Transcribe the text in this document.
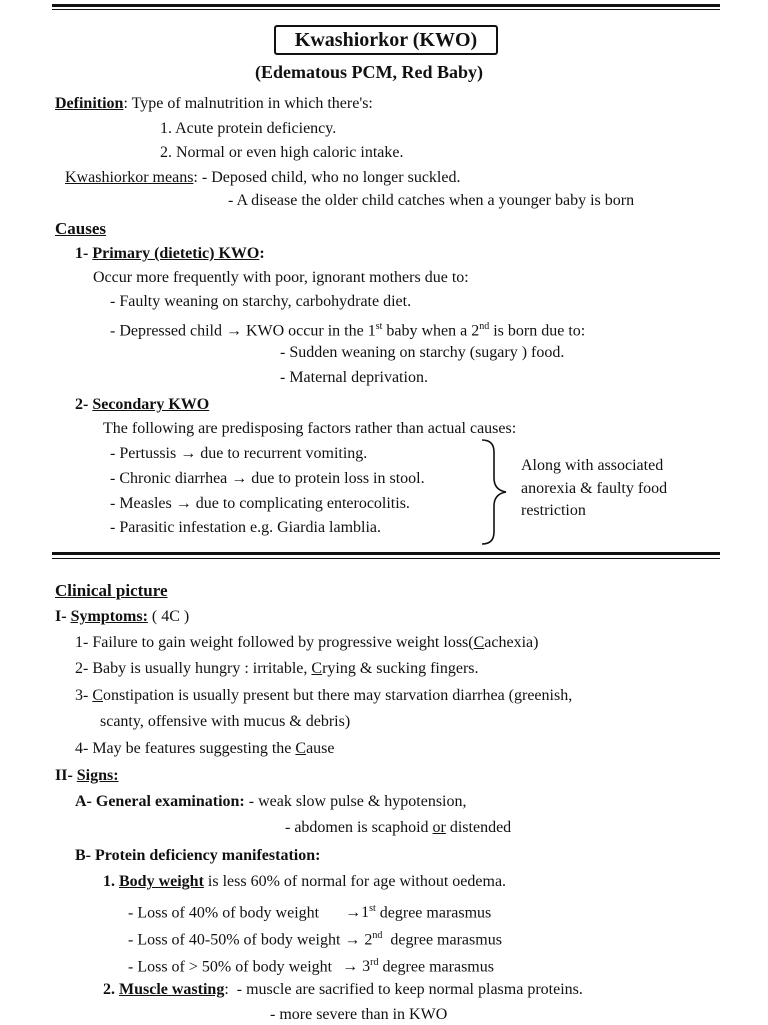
Kwashiorkor (KWO)
(Edematous PCM, Red Baby)
Definition: Type of malnutrition in which there's:
1. Acute protein deficiency.
2. Normal or even high caloric intake.
Kwashiorkor means: - Deposed child, who no longer suckled.
- A disease the older child catches when a younger baby is born
Causes
1- Primary (dietetic) KWO:
Occur more frequently with poor, ignorant mothers due to:
- Faulty weaning on starchy, carbohydrate diet.
- Depressed child → KWO occur in the 1st baby when a 2nd is born due to:
- Sudden weaning on starchy (sugary ) food.
- Maternal deprivation.
2- Secondary KWO
The following are predisposing factors rather than actual causes:
- Pertussis → due to recurrent vomiting.
- Chronic diarrhea → due to protein loss in stool.
- Measles → due to complicating enterocolitis.
- Parasitic infestation e.g. Giardia lamblia.
Along with associated
anorexia & faulty food
restriction
Clinical picture
I- Symptoms: ( 4C )
1- Failure to gain weight followed by progressive weight loss(Cachexia)
2- Baby is usually hungry : irritable, Crying & sucking fingers.
3- Constipation is usually present but there may starvation diarrhea (greenish,
scanty, offensive with mucus & debris)
4- May be features suggesting the Cause
II- Signs:
A- General examination: - weak slow pulse & hypotension,
- abdomen is scaphoid or distended
B- Protein deficiency manifestation:
1. Body weight is less 60% of normal for age without oedema.
- Loss of 40% of body weight →1st degree marasmus
- Loss of 40-50% of body weight → 2nd  degree marasmus
- Loss of > 50% of body weight → 3rd degree marasmus
2. Muscle wasting:  - muscle are sacrified to keep normal plasma proteins.
- more severe than in KWO
